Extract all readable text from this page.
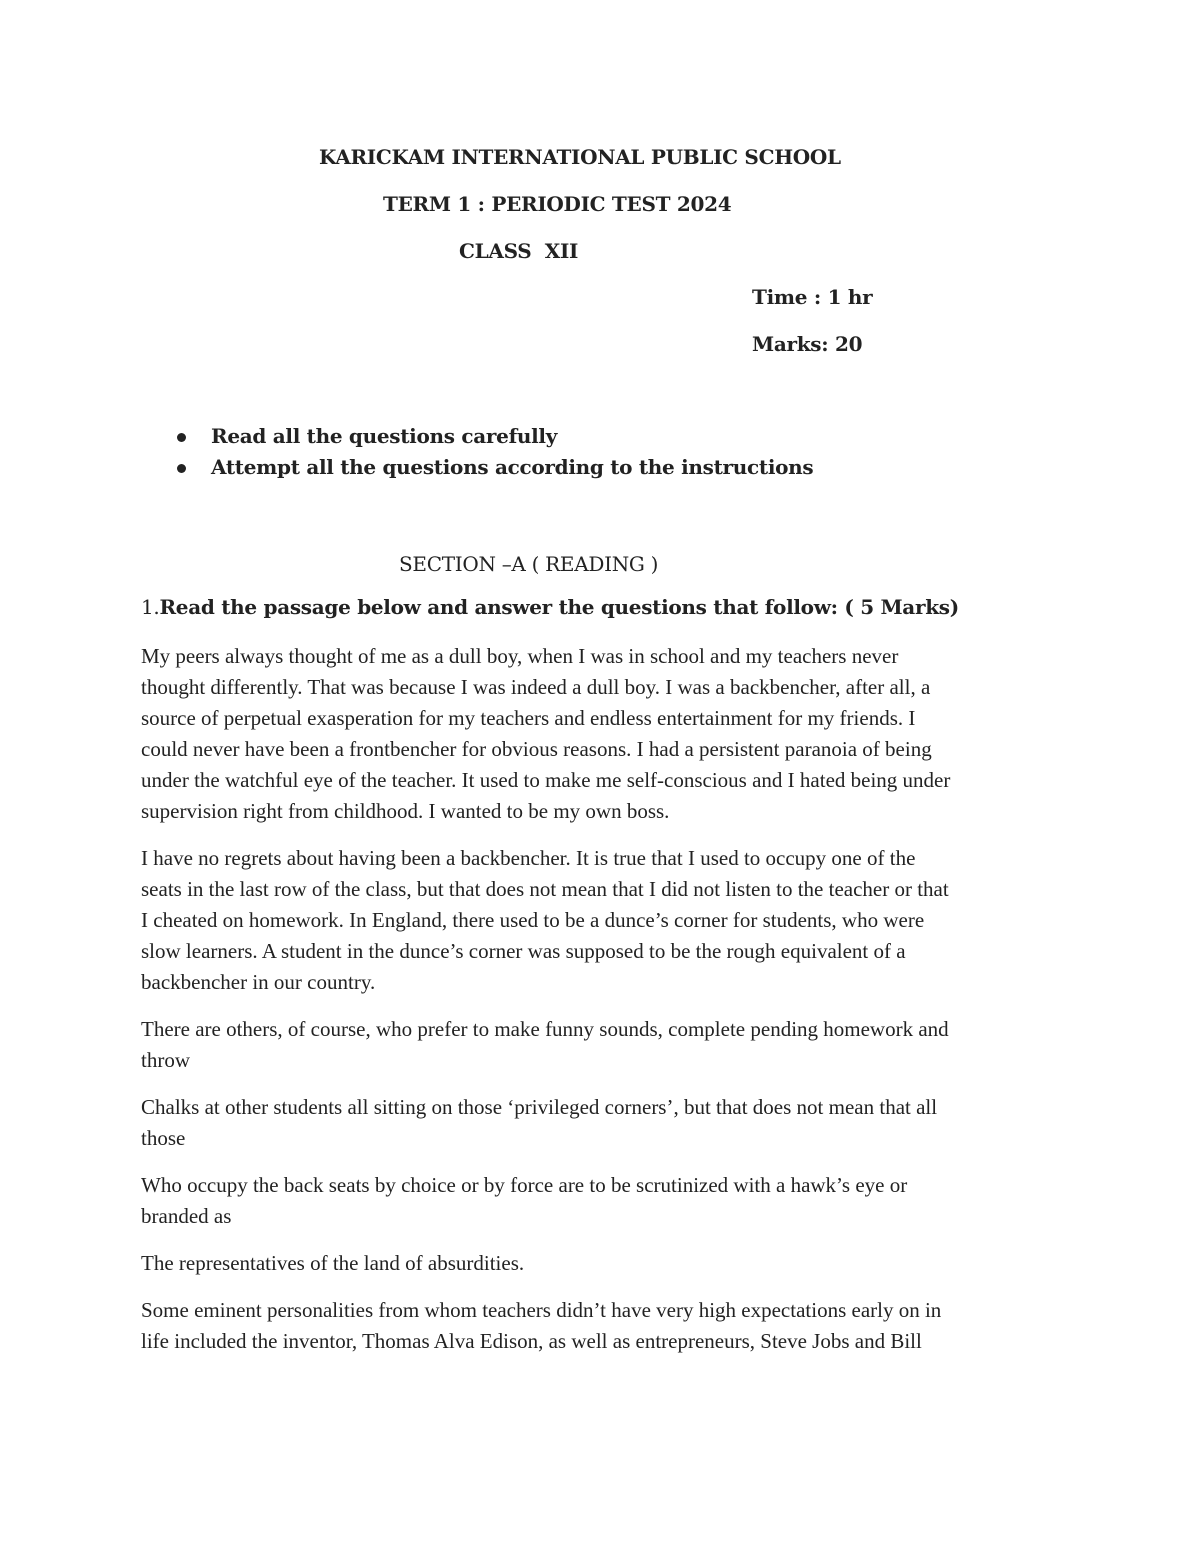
KARICKAM INTERNATIONAL PUBLIC SCHOOL
TERM 1 : PERIODIC TEST 2024
CLASS  XII
Time : 1 hr
Marks: 20
Read all the questions carefully
Attempt all the questions according to the instructions
SECTION –A ( READING )
1.Read the passage below and answer the questions that follow: ( 5 Marks)
My peers always thought of me as a dull boy, when I was in school and my teachers never
thought differently. That was because I was indeed a dull boy. I was a backbencher, after all, a
source of perpetual exasperation for my teachers and endless entertainment for my friends. I
could never have been a frontbencher for obvious reasons. I had a persistent paranoia of being
under the watchful eye of the teacher. It used to make me self-conscious and I hated being under
supervision right from childhood. I wanted to be my own boss.
I have no regrets about having been a backbencher. It is true that I used to occupy one of the
seats in the last row of the class, but that does not mean that I did not listen to the teacher or that
I cheated on homework. In England, there used to be a dunce’s corner for students, who were
slow learners. A student in the dunce’s corner was supposed to be the rough equivalent of a
backbencher in our country.
There are others, of course, who prefer to make funny sounds, complete pending homework and
throw
Chalks at other students all sitting on those ‘privileged corners’, but that does not mean that all
those
Who occupy the back seats by choice or by force are to be scrutinized with a hawk’s eye or
branded as
The representatives of the land of absurdities.
Some eminent personalities from whom teachers didn’t have very high expectations early on in
life included the inventor, Thomas Alva Edison, as well as entrepreneurs, Steve Jobs and Bill
